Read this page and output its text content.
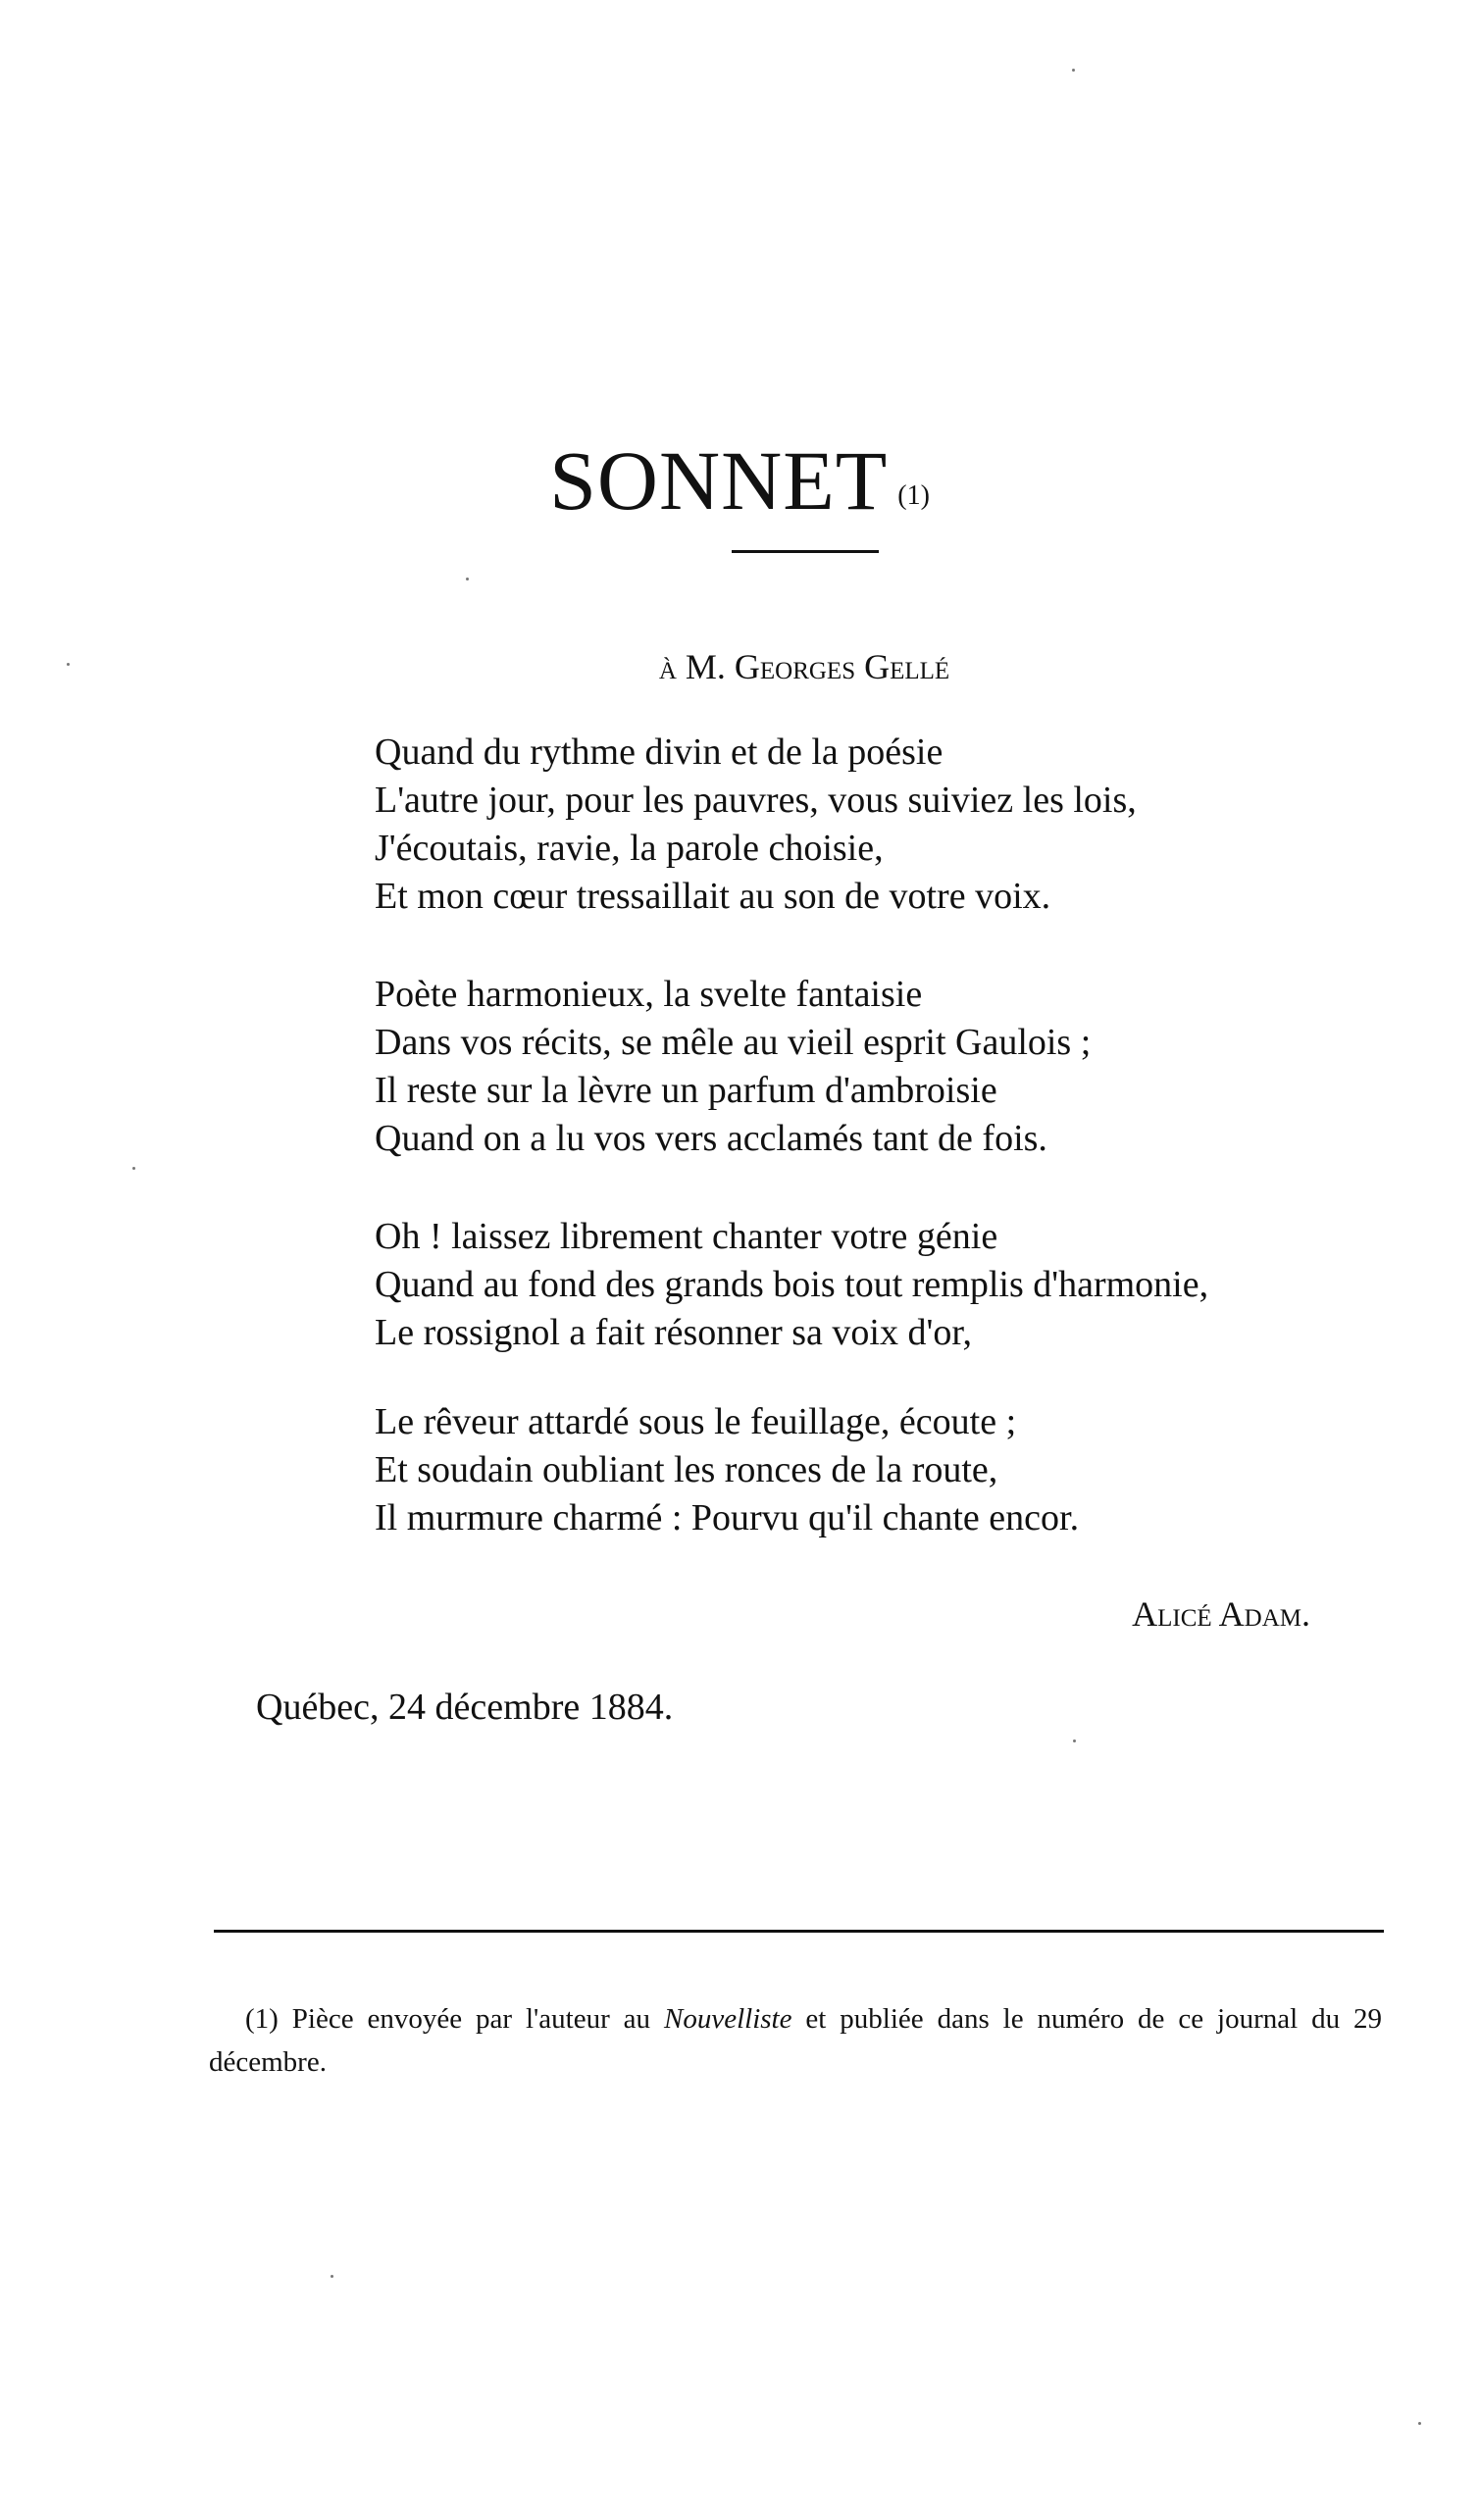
SONNET $^{(1)}$
à M. Georges Gellé
Quand du rythme divin et de la poésie
L'autre jour, pour les pauvres, vous suiviez les lois,
J'écoutais, ravie, la parole choisie,
Et mon cœur tressaillait au son de votre voix.
Poète harmonieux, la svelte fantaisie
Dans vos récits, se mêle au vieil esprit Gaulois ;
Il reste sur la lèvre un parfum d'ambroisie
Quand on a lu vos vers acclamés tant de fois.
Oh ! laissez librement chanter votre génie
Quand au fond des grands bois tout remplis d'harmonie,
Le rossignol a fait résonner sa voix d'or,
Le rêveur attardé sous le feuillage, écoute ;
Et soudain oubliant les ronces de la route,
Il murmure charmé : Pourvu qu'il chante encor.
Alicé Adam.
Québec, 24 décembre 1884.

(1) Pièce envoyée par l'auteur au Nouvelliste et publiée dans le numéro de ce journal du 29 décembre.
